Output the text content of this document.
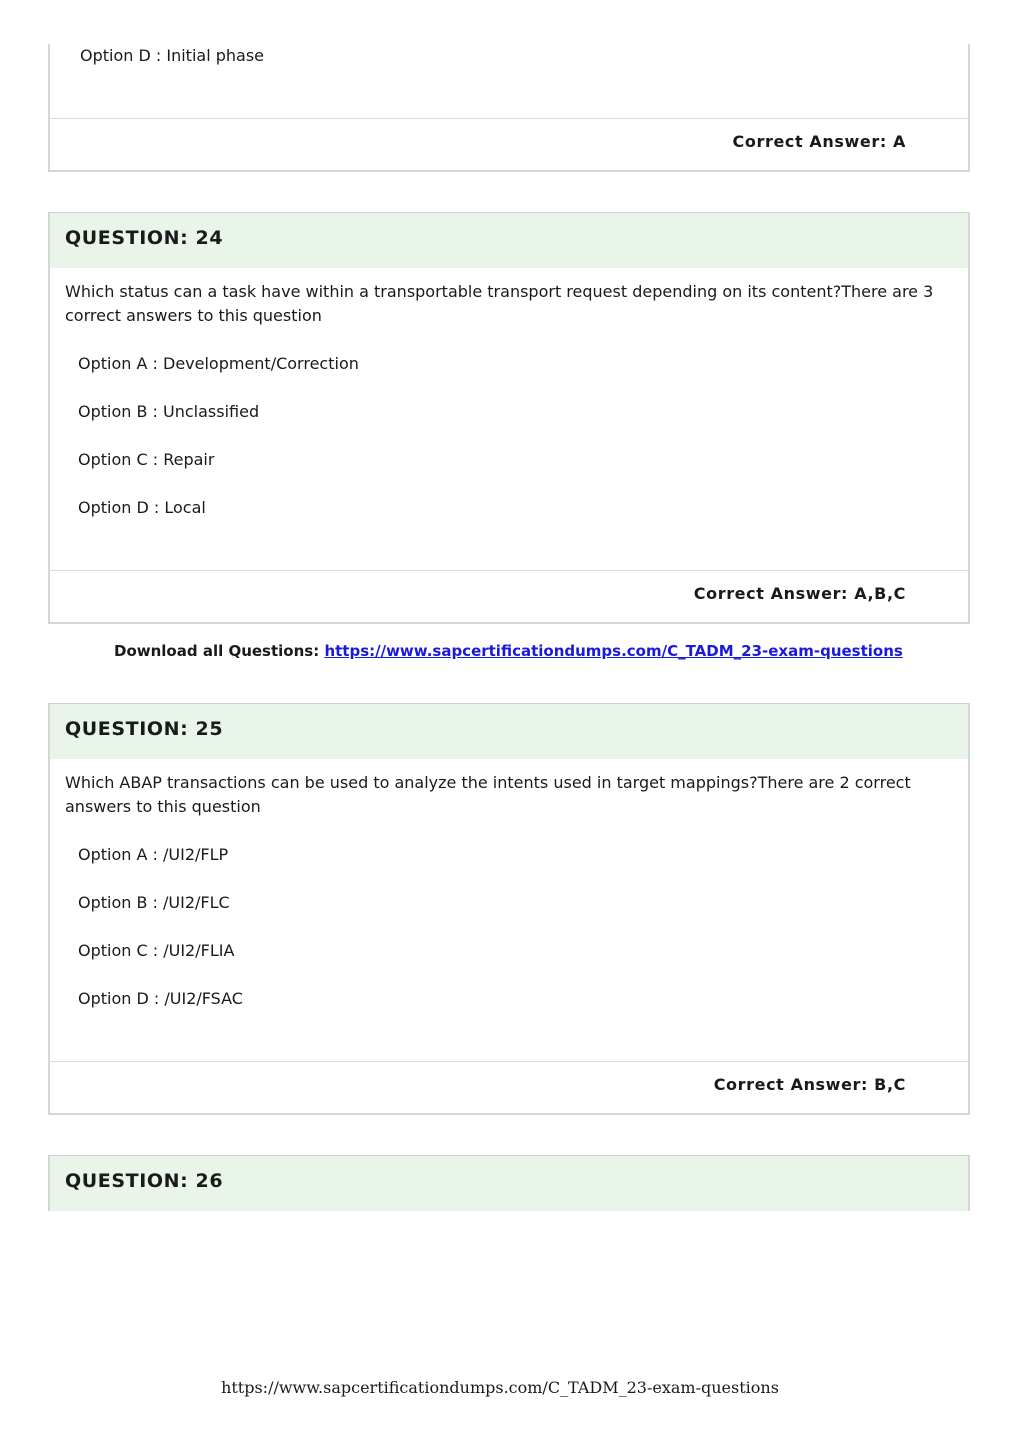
Option D : Initial phase
Correct Answer: A
QUESTION: 24
Which status can a task have within a transportable transport request depending on its content?There are 3 correct answers to this question
Option A : Development/Correction
Option B : Unclassified
Option C : Repair
Option D : Local
Correct Answer: A,B,C
Download all Questions: https://www.sapcertificationdumps.com/C_TADM_23-exam-questions
QUESTION: 25
Which ABAP transactions can be used to analyze the intents used in target mappings?There are 2 correct answers to this question
Option A : /UI2/FLP
Option B : /UI2/FLC
Option C : /UI2/FLIA
Option D : /UI2/FSAC
Correct Answer: B,C
QUESTION: 26
https://www.sapcertificationdumps.com/C_TADM_23-exam-questions
